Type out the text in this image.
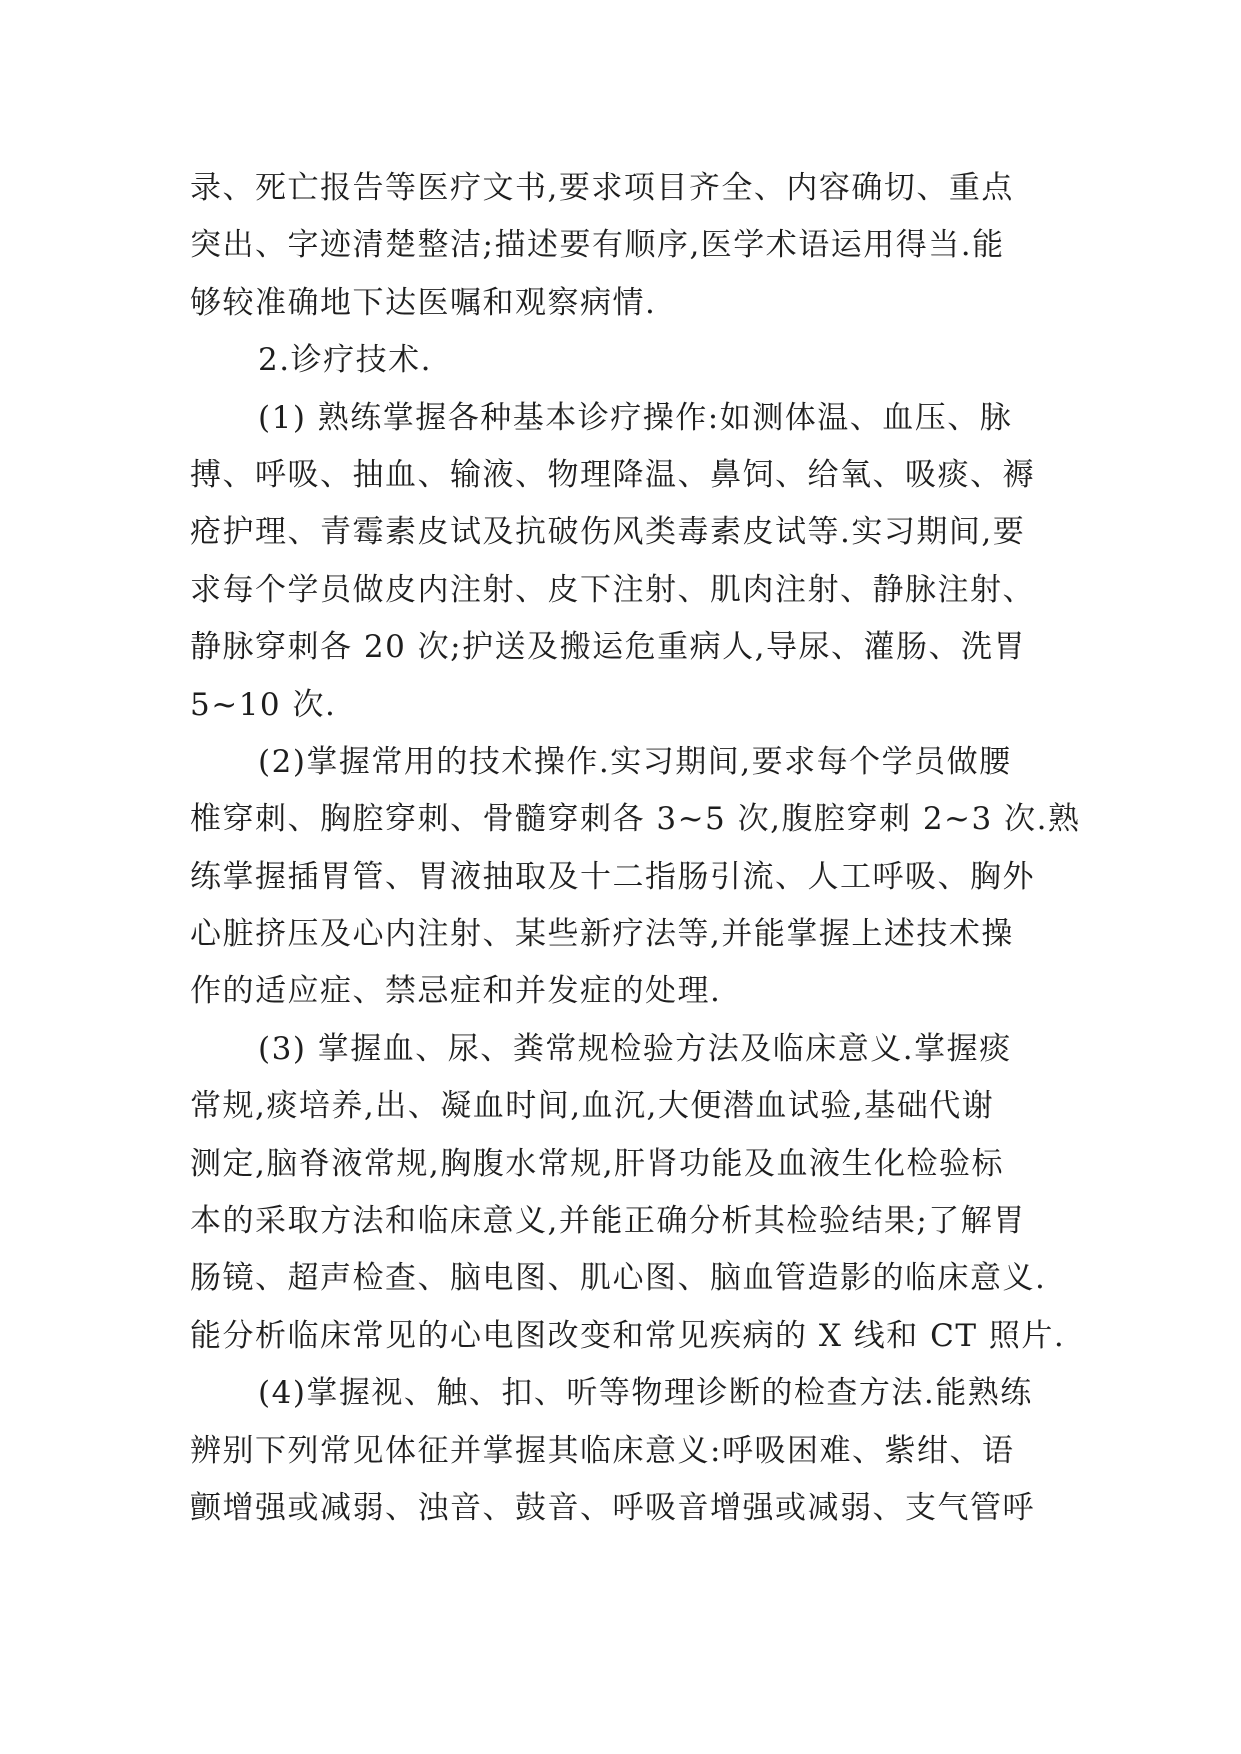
录、死亡报告等医疗文书,要求项目齐全、内容确切、重点
突出、字迹清楚整洁;描述要有顺序,医学术语运用得当.能
够较准确地下达医嘱和观察病情.
2.诊疗技术.
(1) 熟练掌握各种基本诊疗操作:如测体温、血压、脉
搏、呼吸、抽血、输液、物理降温、鼻饲、给氧、吸痰、褥
疮护理、青霉素皮试及抗破伤风类毒素皮试等.实习期间,要
求每个学员做皮内注射、皮下注射、肌肉注射、静脉注射、
静脉穿刺各 20 次;护送及搬运危重病人,导尿、灌肠、洗胃
5~10 次.
(2)掌握常用的技术操作.实习期间,要求每个学员做腰
椎穿刺、胸腔穿刺、骨髓穿刺各 3~5 次,腹腔穿刺 2~3 次.熟
练掌握插胃管、胃液抽取及十二指肠引流、人工呼吸、胸外
心脏挤压及心内注射、某些新疗法等,并能掌握上述技术操
作的适应症、禁忌症和并发症的处理.
(3) 掌握血、尿、粪常规检验方法及临床意义.掌握痰
常规,痰培养,出、凝血时间,血沉,大便潜血试验,基础代谢
测定,脑脊液常规,胸腹水常规,肝肾功能及血液生化检验标
本的采取方法和临床意义,并能正确分析其检验结果;了解胃
肠镜、超声检查、脑电图、肌心图、脑血管造影的临床意义.
能分析临床常见的心电图改变和常见疾病的 X 线和 CT 照片.
(4)掌握视、触、扣、听等物理诊断的检查方法.能熟练
辨别下列常见体征并掌握其临床意义:呼吸困难、紫绀、语
颤增强或减弱、浊音、鼓音、呼吸音增强或减弱、支气管呼
